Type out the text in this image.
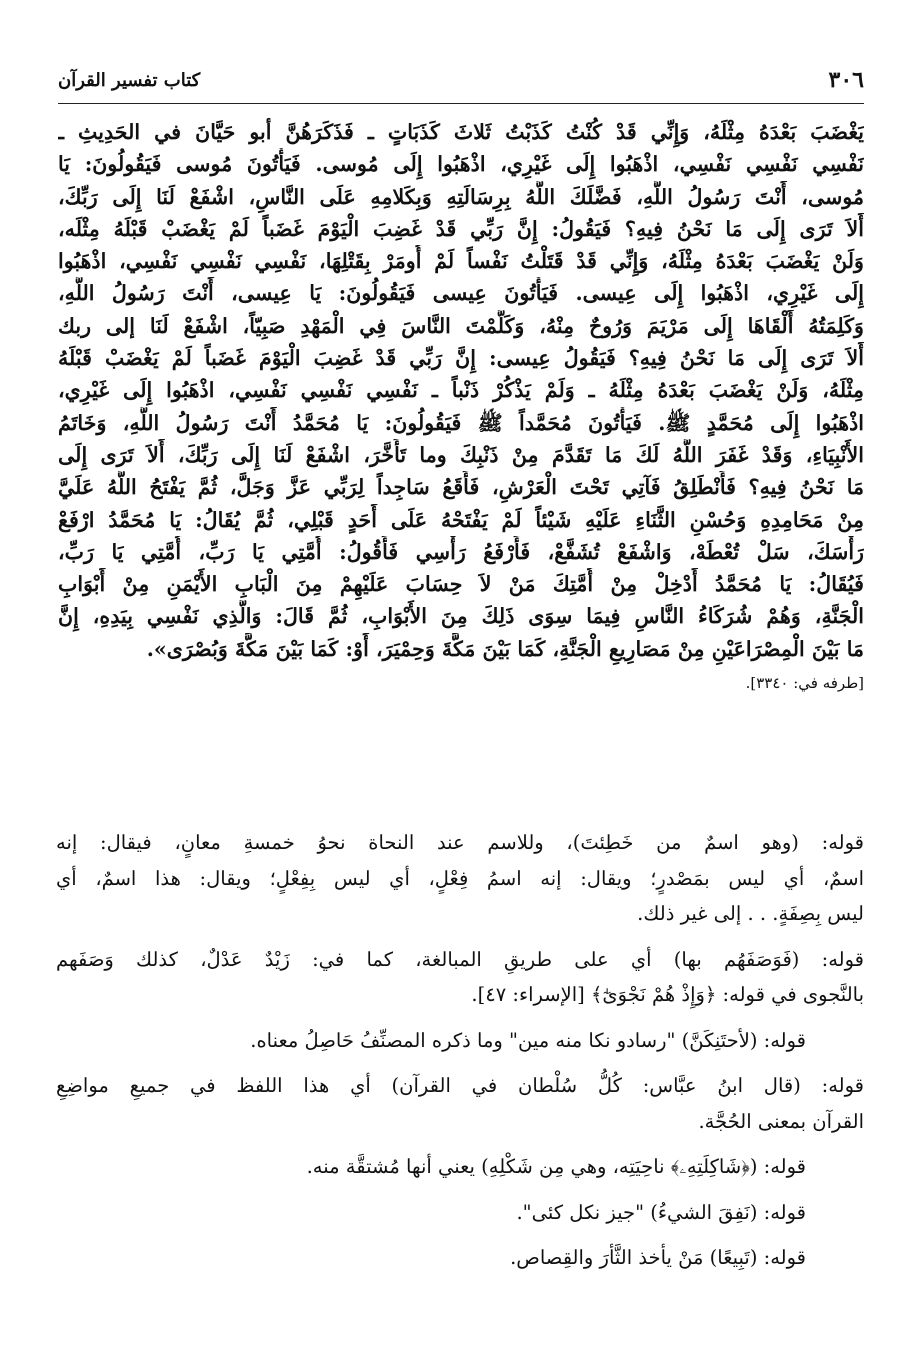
٣٠٦
كتاب تفسير القرآن
يَغْضَبَ بَعْدَهُ مِثْلَهُ، وَإِنِّي قَدْ كُنْتُ كَذَبْتُ ثَلاثَ كَذَبَاتٍ ـ فَذَكَرَهُنَّ أبو حَيَّانَ في الحَدِيثِ ـ
نَفْسِي نَفْسِي نَفْسِي، اذْهَبُوا إِلَى غَيْرِي، اذْهَبُوا إِلَى مُوسى. فَيَأْتُونَ مُوسى فَيَقُولُونَ: يَا
مُوسى، أَنْتَ رَسُولُ اللَّهِ، فَضَّلَكَ اللَّهُ بِرِسَالَتِهِ وَبِكَلامِهِ عَلَى النَّاسِ، اشْفَعْ لَنَا إِلَى رَبِّكَ،
أَلاَ تَرَى إِلَى مَا نَحْنُ فِيهِ؟ فَيَقُولُ: إِنَّ رَبِّي قَدْ غَضِبَ الْيَوْمَ غَضَباً لَمْ يَغْضَبْ قَبْلَهُ مِثْلَه،
وَلَنْ يَغْضَبَ بَعْدَهُ مِثْلَهُ، وَإِنِّي قَدْ قَتَلْتُ نَفْساً لَمْ أُومَرْ بِقَتْلِهَا، نَفْسِي نَفْسِي نَفْسِي، اذْهَبُوا
إِلَى غَيْرِي، اذْهَبُوا إِلَى عِيسى. فَيَأْتُونَ عِيسى فَيَقُولُونَ: يَا عِيسى، أَنْتَ رَسُولُ اللَّهِ،
وَكَلِمَتُهُ أَلْقَاهَا إِلَى مَرْيَمَ وَرُوحٌ مِنْهُ، وَكَلَّمْتَ النَّاسَ فِي الْمَهْدِ صَبِيّاً، اشْفَعْ لَنَا إلى ربك
أَلاَ تَرَى إِلَى مَا نَحْنُ فِيهِ؟ فَيَقُولُ عِيسى: إِنَّ رَبِّي قَدْ غَضِبَ الْيَوْمَ غَضَباً لَمْ يَغْضَبْ قَبْلَهُ
مِثْلَهُ، وَلَنْ يَغْضَبَ بَعْدَهُ مِثْلَهُ ـ وَلَمْ يَذْكُرْ ذَنْباً ـ نَفْسِي نَفْسِي نَفْسِي، اذْهَبُوا إِلَى غَيْرِي،
اذْهَبُوا إِلَى مُحَمَّدٍ ﷺ. فَيَأْتُونَ مُحَمَّداً ﷺ فَيَقُولُونَ: يَا مُحَمَّدُ أَنْتَ رَسُولُ اللَّهِ، وَخَاتَمُ
الأَنْبِيَاءِ، وَقَدْ غَفَرَ اللَّهُ لَكَ مَا تَقَدَّمَ مِنْ ذَنْبِكَ وما تَأَخَّرَ، اشْفَعْ لَنَا إِلَى رَبِّكَ، أَلاَ تَرَى إِلَى
مَا نَحْنُ فِيهِ؟ فَأَنْطَلِقُ فَآتِي تَحْتَ الْعَرْشِ، فَأَقَعُ سَاجِداً لِرَبِّي عَزَّ وَجَلَّ، ثُمَّ يَفْتَحُ اللَّهُ عَلَيَّ
مِنْ مَحَامِدِهِ وَحُسْنِ الثَّنَاءِ عَلَيْهِ شَيْئاً لَمْ يَفْتَحْهُ عَلَى أَحَدٍ قَبْلِي، ثُمَّ يُقَالُ: يَا مُحَمَّدُ ارْفَعْ
رَأْسَكَ، سَلْ تُعْطَهْ، وَاشْفَعْ تُشَفَّعْ، فَأَرْفَعُ رَأْسِي فَأَقُولُ: أُمَّتِي يَا رَبِّ، أُمَّتِي يَا رَبِّ،
فَيُقَالُ: يَا مُحَمَّدُ أَدْخِلْ مِنْ أُمَّتِكَ مَنْ لاَ حِسَابَ عَلَيْهِمْ مِنَ الْبَابِ الأَيْمَنِ مِنْ أَبْوَابِ
الْجَنَّةِ، وَهُمْ شُرَكَاءُ النَّاسِ فِيمَا سِوَى ذَلِكَ مِنَ الأَبْوَابِ، ثُمَّ قَالَ: وَالَّذِي نَفْسِي بِيَدِهِ، إِنَّ
مَا بَيْنَ الْمِصْرَاعَيْنِ مِنْ مَصَارِيعِ الْجَنَّةِ، كَمَا بَيْنَ مَكَّةَ وَحِمْيَرَ، أَوْ: كَمَا بَيْنَ مَكَّةَ وَبُصْرَى».
[طرفه في: ٣٣٤٠].

قوله: (وهو اسمٌ من خَطِئتَ)، وللاسم عند النحاة نحوُ خمسةِ معانٍ، فيقال: إنه
اسمٌ، أي ليس بمَصْدرٍ؛ ويقال: إنه اسمُ فِعْلٍ، أي ليس بِفِعْلٍ؛ ويقال: هذا اسمٌ، أي
ليس بِصِفَةٍ. . . إلى غير ذلك.

قوله: (فَوَصَفَهُم بها) أي على طريقِ المبالغة، كما في: زَيْدٌ عَدْلٌ، كذلك وَصَفَهم
بالنَّجوى في قوله: ﴿وَإِذْ هُمْ نَجْوَىٰٓ﴾ [الإسراء: ٤٧].

قوله: (لأحتَنِكَنَّ) "رسادو نكا منه مين" وما ذكره المصنِّفُ حَاصِلُ معناه.

قوله: (قال ابنُ عبَّاس: كُلُّ سُلْطان في القرآن) أي هذا اللفظ في جميعِ مواضِعِ
القرآن بمعنى الحُجَّة.

قوله: (﴿شَاكِلَتِهِۦ﴾ ناحِيَتِه، وهي مِن شَكْلِهِ) يعني أنها مُشتقَّة منه.

قوله: (نَفِقَ الشيءُ) "جيز نكل كئى".

قوله: (تَبِيعًا) مَنْ يأخذ الثَّأرَ والقِصاص.
